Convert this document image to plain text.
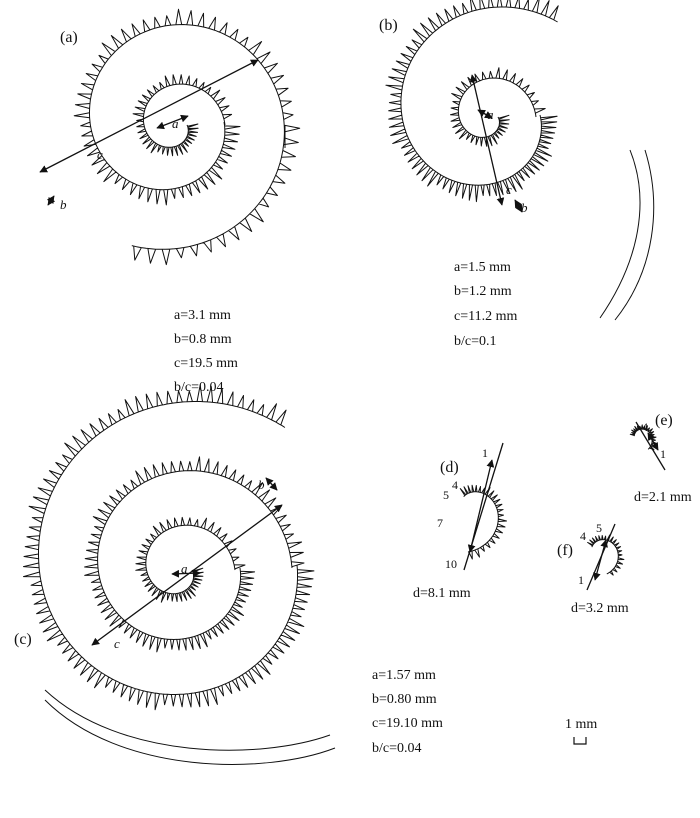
(a)
a
c
b
a=3.1 mm
b=0.8 mm
c=19.5 mm
b/c=0.04
(b)
a
c
b
a=1.5 mm
b=1.2 mm
c=11.2 mm
b/c=0.1
(c)
a
c
b
a=1.57 mm
b=0.80 mm
c=19.10 mm
b/c=0.04
(d)
1
4
5
7
10
d=8.1 mm
(e)
4
1
d=2.1 mm
(f)
4
5
1
d=3.2 mm
1 mm
